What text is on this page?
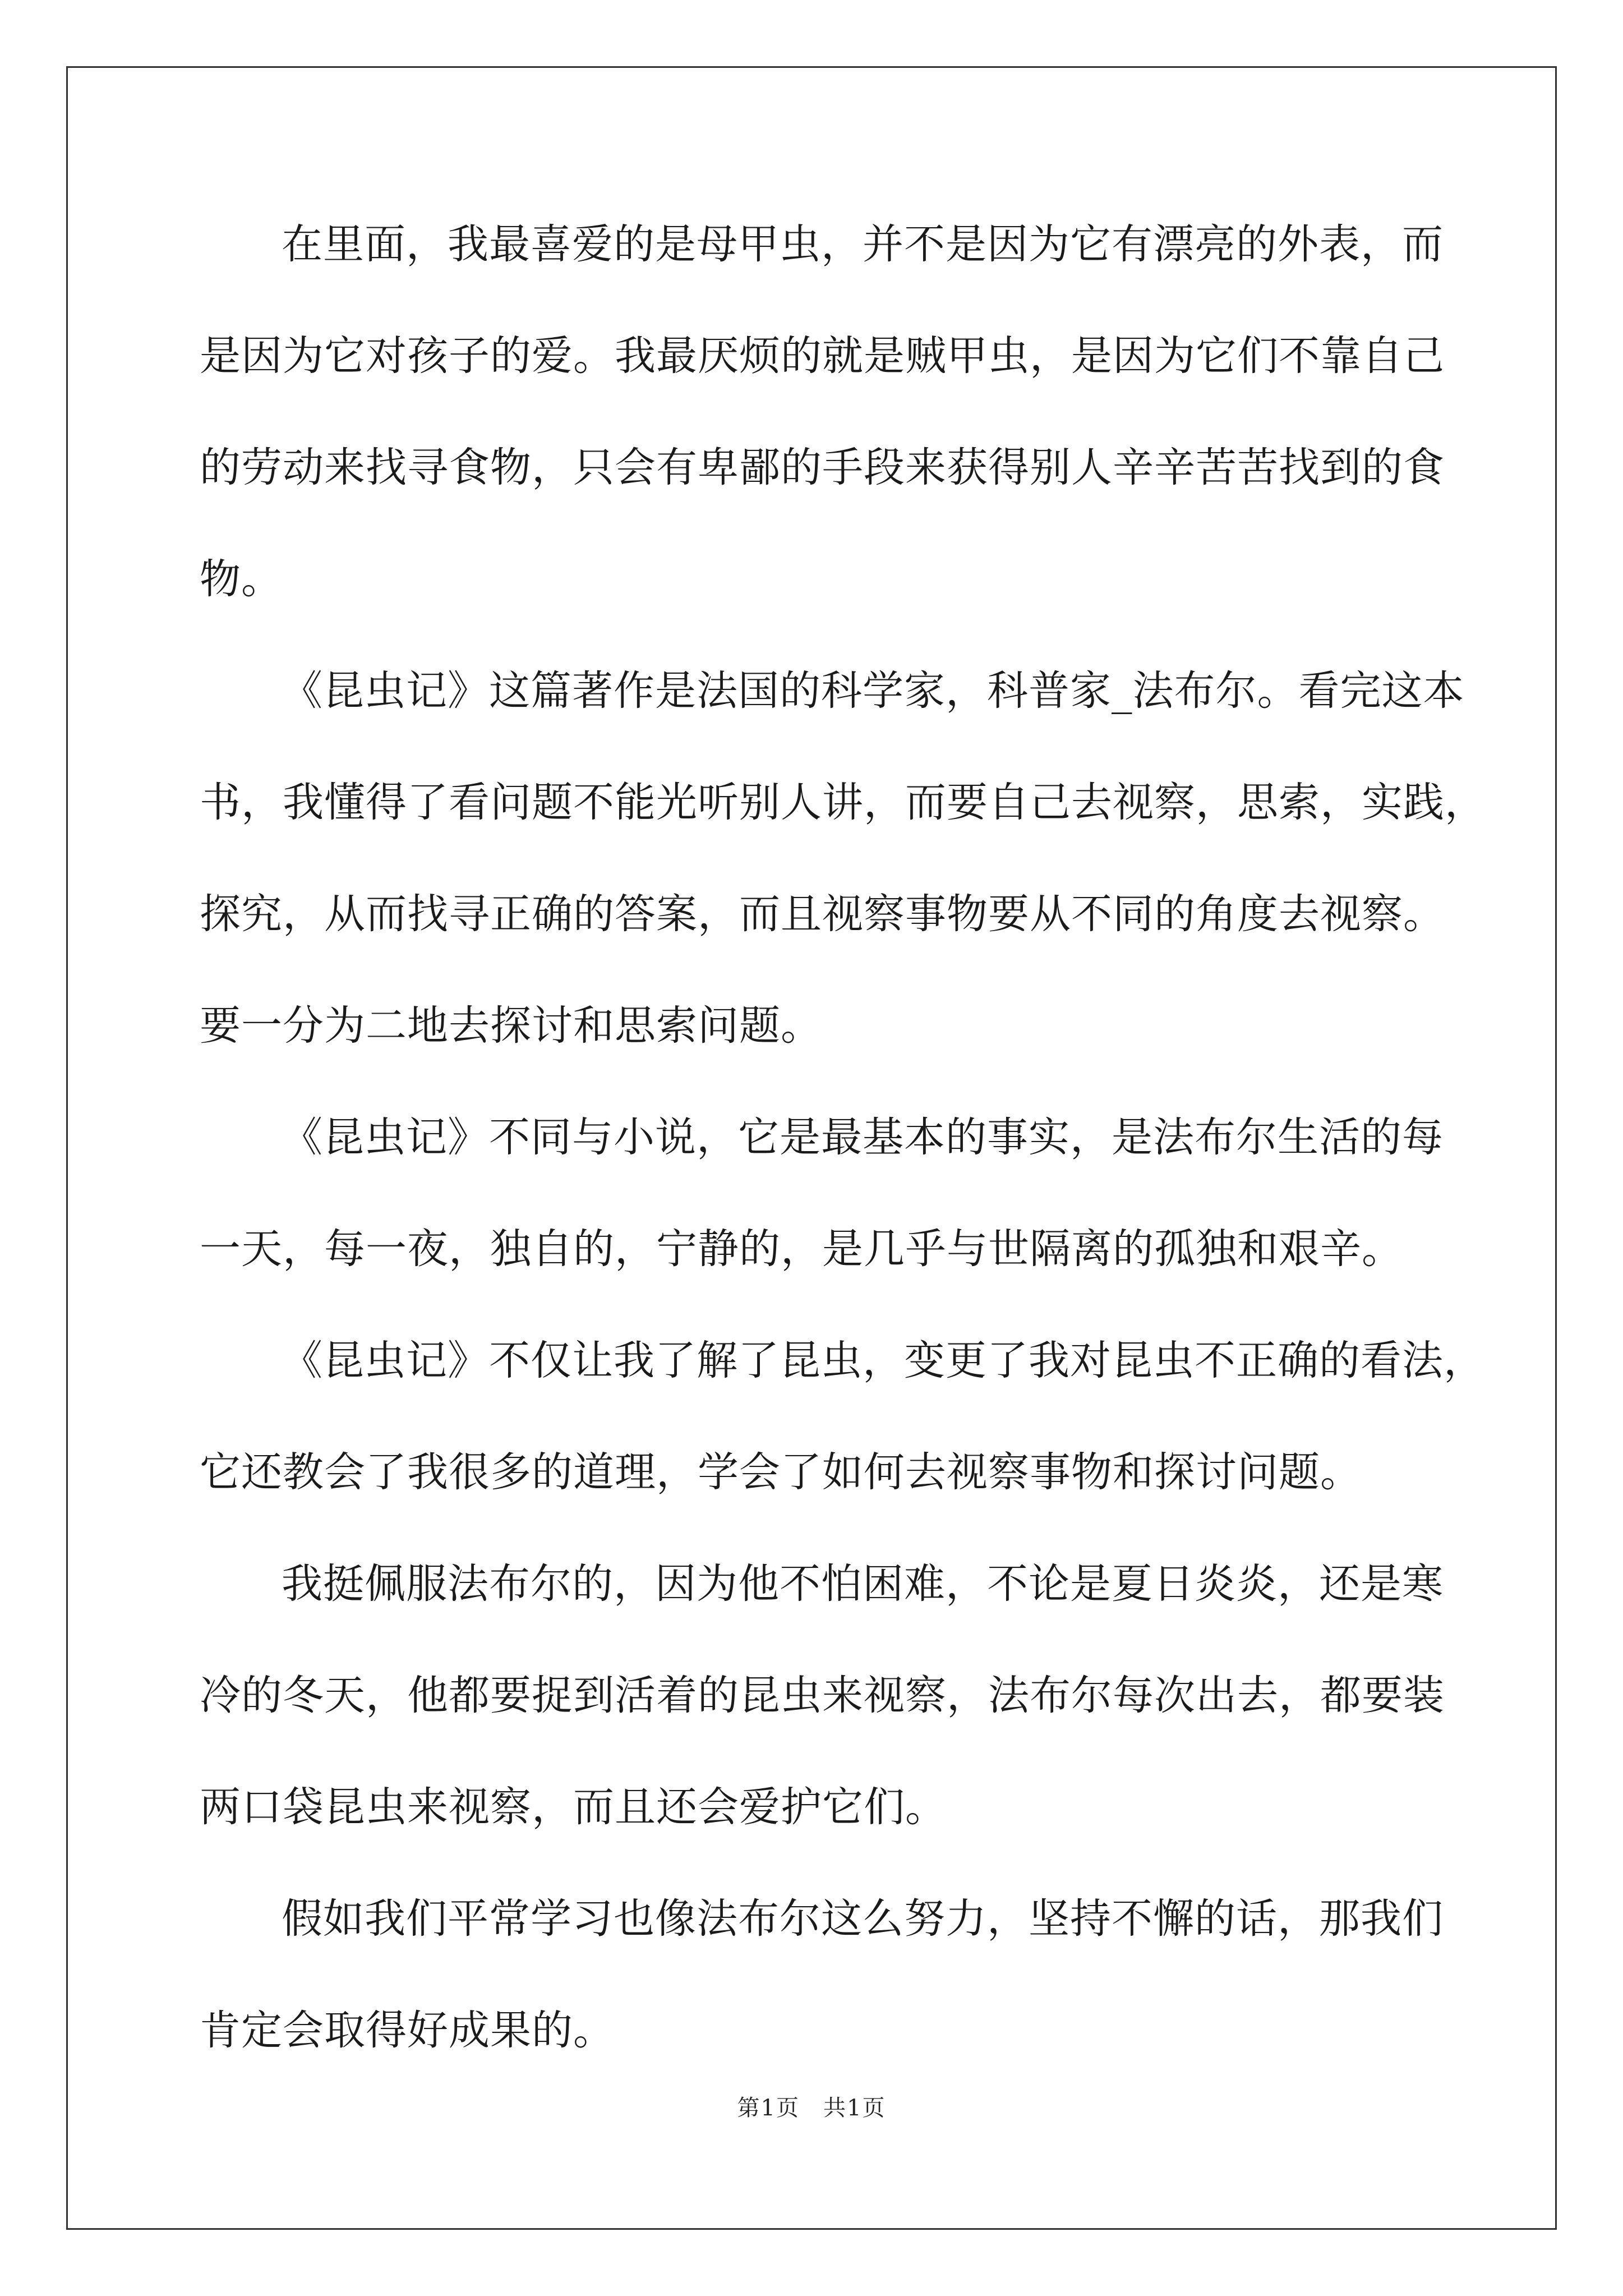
在里面，我最喜爱的是母甲虫，并不是因为它有漂亮的外表，而
是因为它对孩子的爱。我最厌烦的就是贼甲虫，是因为它们不靠自己
的劳动来找寻食物，只会有卑鄙的手段来获得别人辛辛苦苦找到的食
物。
《昆虫记》这篇著作是法国的科学家，科普家_法布尔。看完这本
书，我懂得了看问题不能光听别人讲，而要自己去视察，思索，实践，
探究，从而找寻正确的答案，而且视察事物要从不同的角度去视察。
要一分为二地去探讨和思索问题。
《昆虫记》不同与小说，它是最基本的事实，是法布尔生活的每
一天，每一夜，独自的，宁静的，是几乎与世隔离的孤独和艰辛。
《昆虫记》不仅让我了解了昆虫，变更了我对昆虫不正确的看法，
它还教会了我很多的道理，学会了如何去视察事物和探讨问题。
我挺佩服法布尔的，因为他不怕困难，不论是夏日炎炎，还是寒
冷的冬天，他都要捉到活着的昆虫来视察，法布尔每次出去，都要装
两口袋昆虫来视察，而且还会爱护它们。
假如我们平常学习也像法布尔这么努力，坚持不懈的话，那我们
肯定会取得好成果的。
第1页　共1页
